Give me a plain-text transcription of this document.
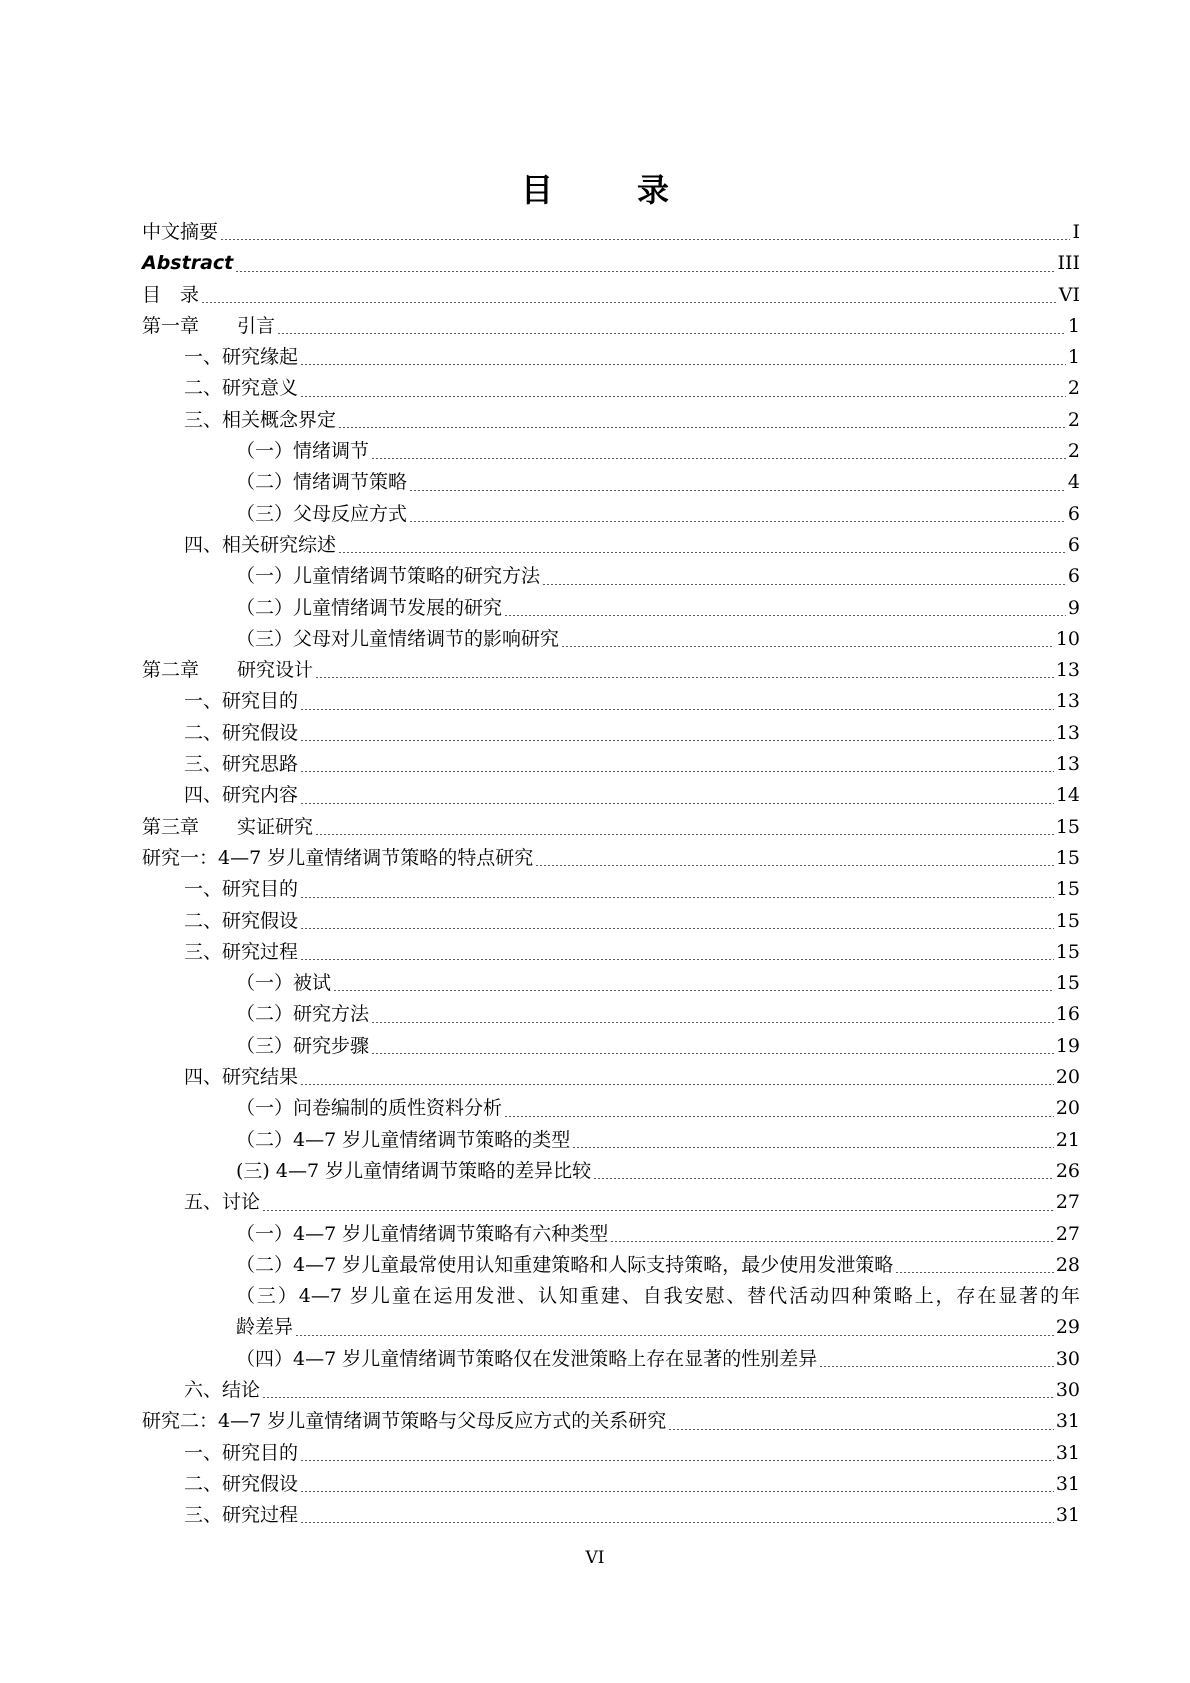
目　录
中文摘要	I
Abstract	III
目　录	VI
第一章　　引言	1
一、研究缘起	1
二、研究意义	2
三、相关概念界定	2
（一）情绪调节	2
（二）情绪调节策略	4
（三）父母反应方式	6
四、相关研究综述	6
（一）儿童情绪调节策略的研究方法	6
（二）儿童情绪调节发展的研究	9
（三）父母对儿童情绪调节的影响研究	10
第二章　　研究设计	13
一、研究目的	13
二、研究假设	13
三、研究思路	13
四、研究内容	14
第三章　　实证研究	15
研究一：4—7 岁儿童情绪调节策略的特点研究	15
一、研究目的	15
二、研究假设	15
三、研究过程	15
（一）被试	15
（二）研究方法	16
（三）研究步骤	19
四、研究结果	20
（一）问卷编制的质性资料分析	20
（二）4—7 岁儿童情绪调节策略的类型	21
(三) 4—7 岁儿童情绪调节策略的差异比较	26
五、讨论	27
（一）4—7 岁儿童情绪调节策略有六种类型	27
（二）4—7 岁儿童最常使用认知重建策略和人际支持策略，最少使用发泄策略	28
（三）4—7 岁儿童在运用发泄、认知重建、自我安慰、替代活动四种策略上，存在显著的年
龄差异	29
（四）4—7 岁儿童情绪调节策略仅在发泄策略上存在显著的性别差异	30
六、结论	30
研究二：4—7 岁儿童情绪调节策略与父母反应方式的关系研究	31
一、研究目的	31
二、研究假设	31
三、研究过程	31
VI
